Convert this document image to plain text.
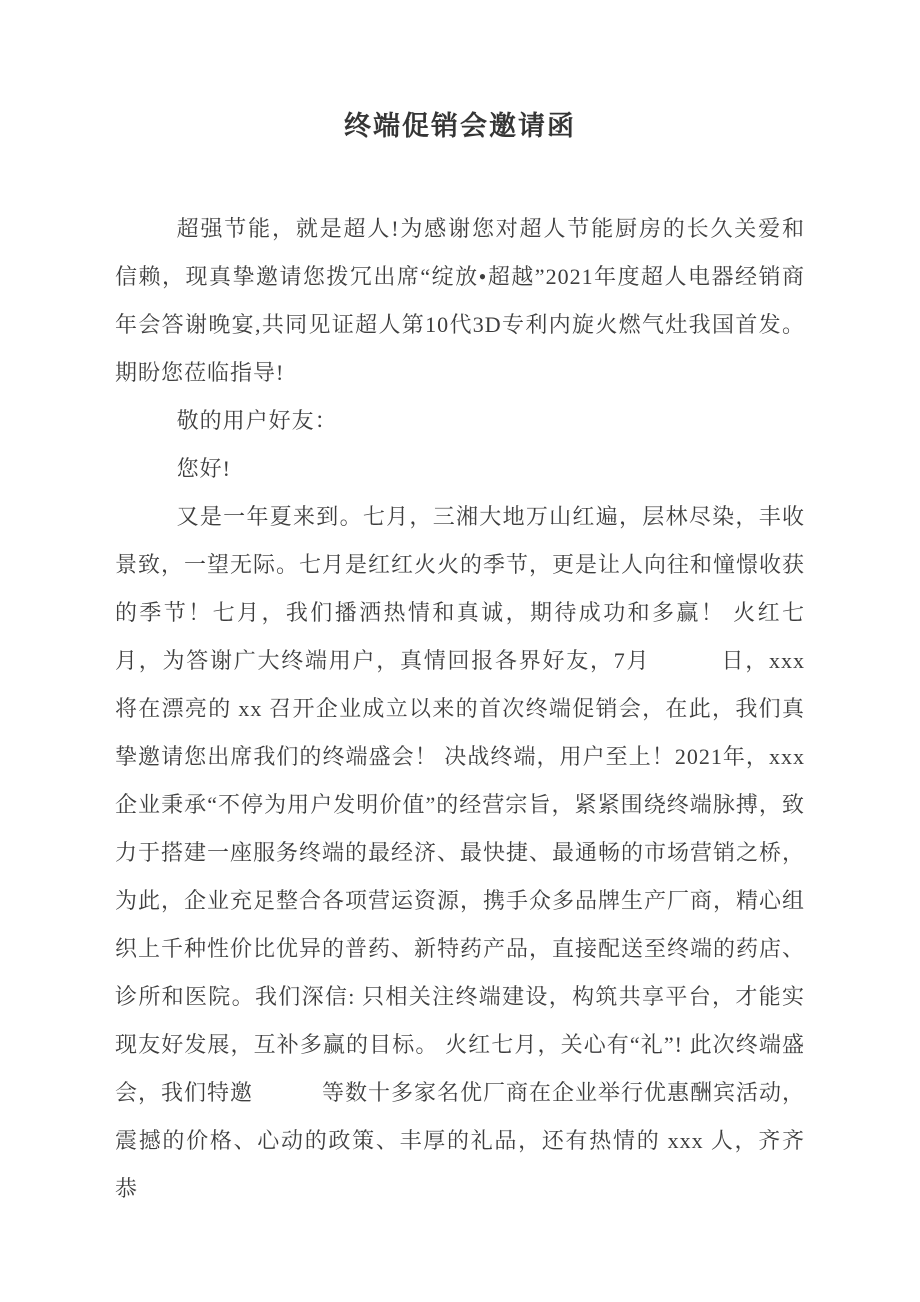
终端促销会邀请函

超强节能，就是超人!为感谢您对超人节能厨房的长久关爱和信赖，现真挚邀请您拨冗出席“绽放•超越”2021年度超人电器经销商年会答谢晚宴,共同见证超人第10代3D专利内旋火燃气灶我国首发。期盼您莅临指导!

敬的用户好友：

您好!

又是一年夏来到。七月，三湘大地万山红遍，层林尽染，丰收景致，一望无际。七月是红红火火的季节，更是让人向往和憧憬收获的季节！七月，我们播洒热情和真诚，期待成功和多赢！ 火红七月，为答谢广大终端用户，真情回报各界好友，7月　　　日，xxx 将在漂亮的 xx 召开企业成立以来的首次终端促销会，在此，我们真挚邀请您出席我们的终端盛会！ 决战终端，用户至上！2021年，xxx 企业秉承“不停为用户发明价值”的经营宗旨，紧紧围绕终端脉搏，致力于搭建一座服务终端的最经济、最快捷、最通畅的市场营销之桥，为此，企业充足整合各项营运资源，携手众多品牌生产厂商，精心组织上千种性价比优异的普药、新特药产品，直接配送至终端的药店、诊所和医院。我们深信: 只相关注终端建设，构筑共享平台，才能实现友好发展，互补多赢的目标。 火红七月，关心有“礼”! 此次终端盛会，我们特邀　　　等数十多家名优厂商在企业举行优惠酬宾活动，震撼的价格、心动的政策、丰厚的礼品，还有热情的 xxx 人，齐齐恭
